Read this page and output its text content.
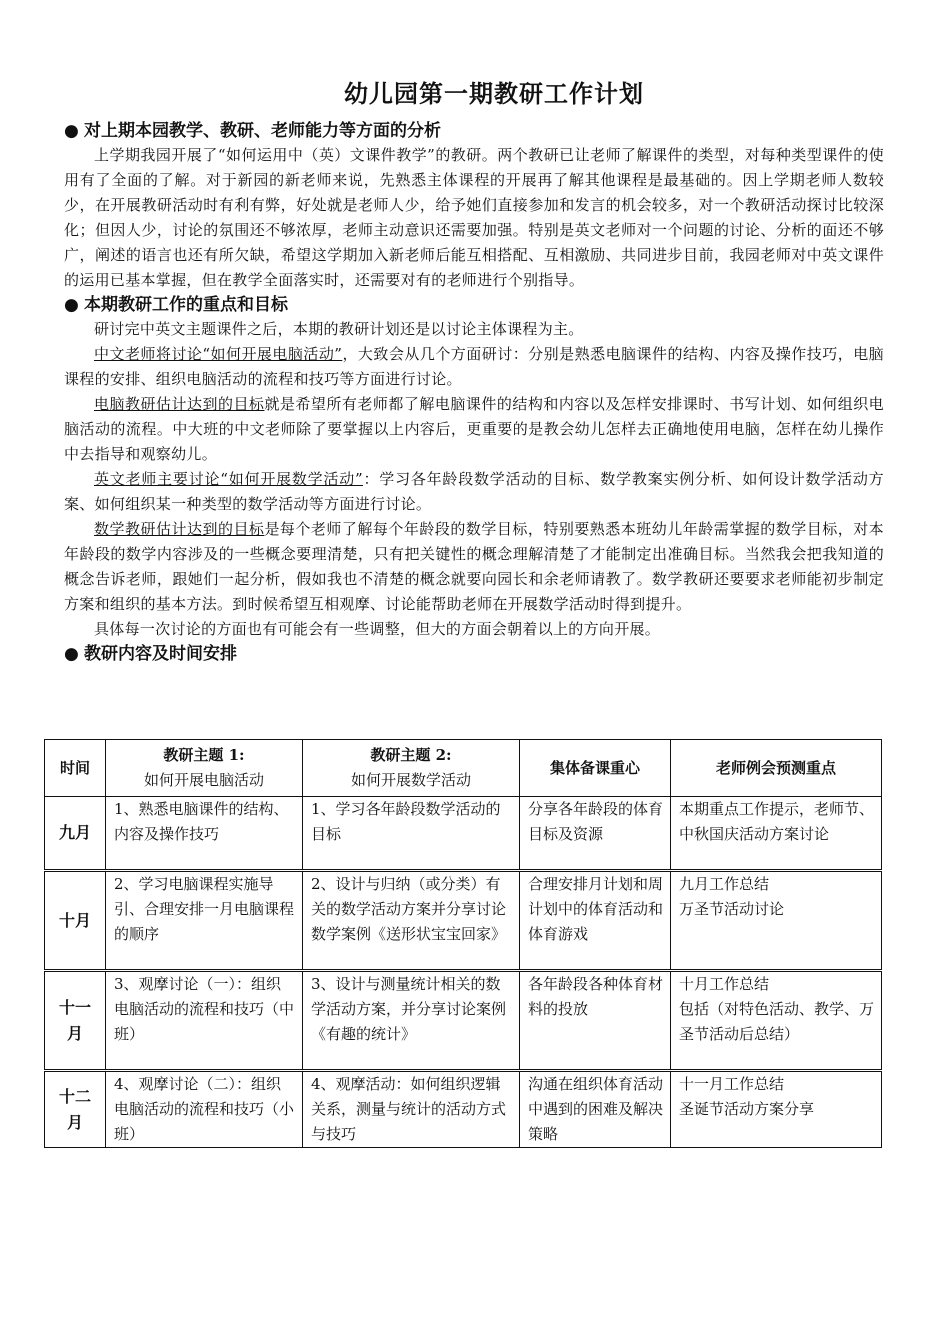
幼儿园第一期教研工作计划
● 对上期本园教学、教研、老师能力等方面的分析

上学期我园开展了“如何运用中（英）文课件教学”的教研。两个教研已让老师了解课件的类型，对每种类型课件的使用有了全面的了解。对于新园的新老师来说，先熟悉主体课程的开展再了解其他课程是最基础的。因上学期老师人数较少，在开展教研活动时有利有弊，好处就是老师人少，给予她们直接参加和发言的机会较多，对一个教研活动探讨比较深化；但因人少，讨论的氛围还不够浓厚，老师主动意识还需要加强。特别是英文老师对一个问题的讨论、分析的面还不够广，阐述的语言也还有所欠缺，希望这学期加入新老师后能互相搭配、互相激励、共同进步目前，我园老师对中英文课件的运用已基本掌握，但在教学全面落实时，还需要对有的老师进行个别指导。

● 本期教研工作的重点和目标

研讨完中英文主题课件之后，本期的教研计划还是以讨论主体课程为主。

中文老师将讨论“如何开展电脑活动”，大致会从几个方面研讨：分别是熟悉电脑课件的结构、内容及操作技巧，电脑课程的安排、组织电脑活动的流程和技巧等方面进行讨论。

电脑教研估计达到的目标就是希望所有老师都了解电脑课件的结构和内容以及怎样安排课时、书写计划、如何组织电脑活动的流程。中大班的中文老师除了要掌握以上内容后，更重要的是教会幼儿怎样去正确地使用电脑，怎样在幼儿操作中去指导和观察幼儿。

英文老师主要讨论“如何开展数学活动”：学习各年龄段数学活动的目标、数学教案实例分析、如何设计数学活动方案、如何组织某一种类型的数学活动等方面进行讨论。

数学教研估计达到的目标是每个老师了解每个年龄段的数学目标，特别要熟悉本班幼儿年龄需掌握的数学目标，对本年龄段的数学内容涉及的一些概念要理清楚，只有把关键性的概念理解清楚了才能制定出准确目标。当然我会把我知道的概念告诉老师，跟她们一起分析，假如我也不清楚的概念就要向园长和余老师请教了。数学教研还要要求老师能初步制定方案和组织的基本方法。到时候希望互相观摩、讨论能帮助老师在开展数学活动时得到提升。

具体每一次讨论的方面也有可能会有一些调整，但大的方面会朝着以上的方向开展。

● 教研内容及时间安排
时间	教研主题 1:
如何开展电脑活动	教研主题 2:
如何开展数学活动	集体备课重心	老师例会预测重点

九月	1、熟悉电脑课件的结构、内容及操作技巧	1、学习各年龄段数学活动的目标	分享各年龄段的体育目标及资源	本期重点工作提示，老师节、中秋国庆活动方案讨论
十月	2、学习电脑课程实施导引、合理安排一月电脑课程的顺序	2、设计与归纳（或分类）有关的数学活动方案并分享讨论数学案例《送形状宝宝回家》	合理安排月计划和周计划中的体育活动和体育游戏	九月工作总结
万圣节活动讨论
十一
月	3、观摩讨论（一）：组织电脑活动的流程和技巧（中班）	3、设计与测量统计相关的数学活动方案，并分享讨论案例《有趣的统计》	各年龄段各种体育材料的投放	十月工作总结
包括（对特色活动、教学、万圣节活动后总结）
十二
月	4、观摩讨论（二）：组织电脑活动的流程和技巧（小班）	4、观摩活动：如何组织逻辑关系，测量与统计的活动方式与技巧	沟通在组织体育活动中遇到的困难及解决策略	十一月工作总结
圣诞节活动方案分享
